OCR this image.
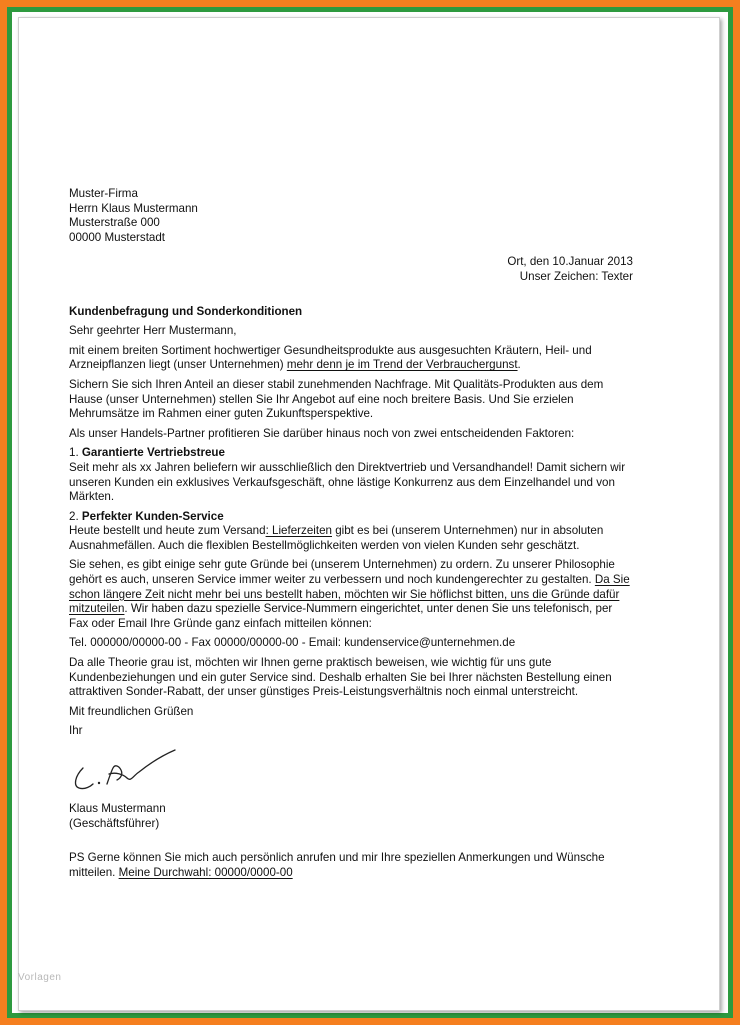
Muster-Firma
Herrn Klaus Mustermann
Musterstraße 000
00000 Musterstadt
Ort, den 10.Januar 2013
Unser Zeichen: Texter
Kundenbefragung und Sonderkonditionen

Sehr geehrter Herr Mustermann,

mit einem breiten Sortiment hochwertiger Gesundheitsprodukte aus ausgesuchten Kräutern, Heil- und Arzneipflanzen liegt (unser Unternehmen) mehr denn je im Trend der Verbrauchergunst.

Sichern Sie sich Ihren Anteil an dieser stabil zunehmenden Nachfrage. Mit Qualitäts-Produkten aus dem Hause (unser Unternehmen) stellen Sie Ihr Angebot auf eine noch breitere Basis. Und Sie erzielen Mehrumsätze im Rahmen einer guten Zukunftsperspektive.

Als unser Handels-Partner profitieren Sie darüber hinaus noch von zwei entscheidenden Faktoren:

1. Garantierte Vertriebstreue
Seit mehr als xx Jahren beliefern wir ausschließlich den Direktvertrieb und Versandhandel! Damit sichern wir unseren Kunden ein exklusives Verkaufsgeschäft, ohne lästige Konkurrenz aus dem Einzelhandel und von Märkten.

2. Perfekter Kunden-Service
Heute bestellt und heute zum Versand: Lieferzeiten gibt es bei (unserem Unternehmen) nur in absoluten Ausnahmefällen. Auch die flexiblen Bestellmöglichkeiten werden von vielen Kunden sehr geschätzt.

Sie sehen, es gibt einige sehr gute Gründe bei (unserem Unternehmen) zu ordern. Zu unserer Philosophie gehört es auch, unseren Service immer weiter zu verbessern und noch kundengerechter zu gestalten. Da Sie schon längere Zeit nicht mehr bei uns bestellt haben, möchten wir Sie höflichst bitten, uns die Gründe dafür mitzuteilen. Wir haben dazu spezielle Service-Nummern eingerichtet, unter denen Sie uns telefonisch, per Fax oder Email Ihre Gründe ganz einfach mitteilen können:

Tel. 000000/00000-00 - Fax 00000/00000-00 - Email: kundenservice@unternehmen.de

Da alle Theorie grau ist, möchten wir Ihnen gerne praktisch beweisen, wie wichtig für uns gute Kundenbeziehungen und ein guter Service sind. Deshalb erhalten Sie bei Ihrer nächsten Bestellung einen attraktiven Sonder-Rabatt, der unser günstiges Preis-Leistungsverhältnis noch einmal unterstreicht.

Mit freundlichen Grüßen

Ihr

Klaus Mustermann
(Geschäftsführer)

PS Gerne können Sie mich auch persönlich anrufen und mir Ihre speziellen Anmerkungen und Wünsche mitteilen. Meine Durchwahl: 00000/0000-00

Vorlagen
